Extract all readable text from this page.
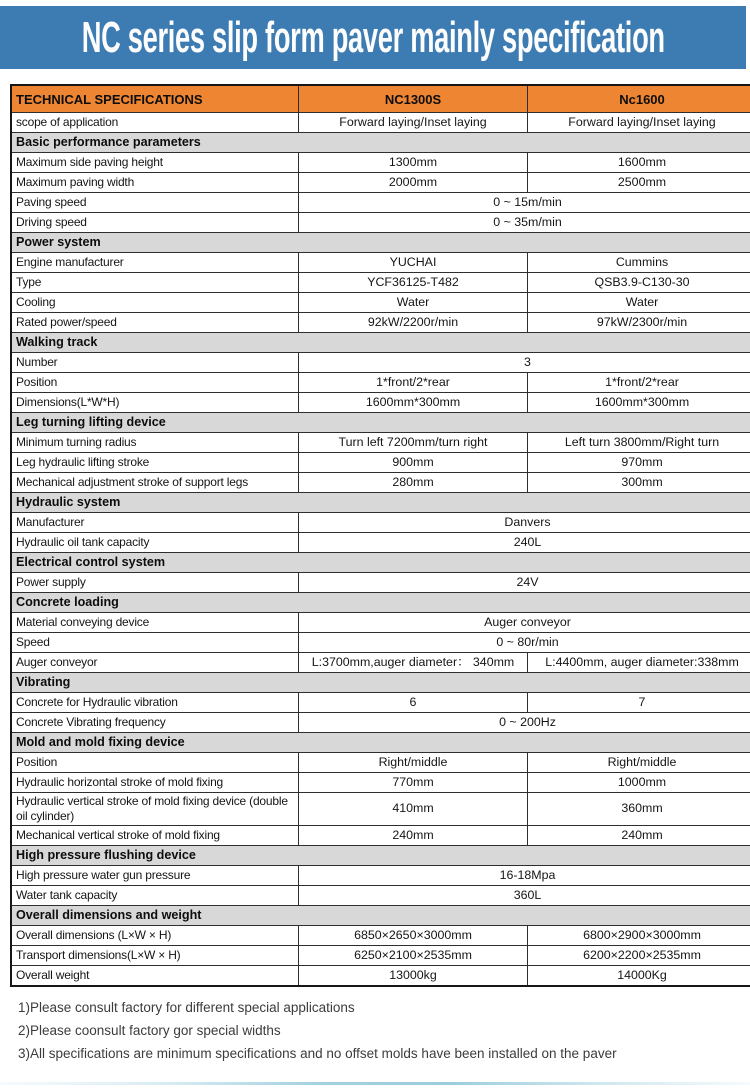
NC series slip form paver mainly specification
TECHNICAL SPECIFICATIONS	NC1300S	Nc1600
scope of application	Forward laying/Inset laying	Forward laying/Inset laying
Basic performance parameters		
Maximum side paving height	1300mm	1600mm
Maximum paving width	2000mm	2500mm
Paving speed	0 ~ 15m/min	
Driving speed	0 ~ 35m/min	
Power system		
Engine manufacturer	YUCHAI	Cummins
Type	YCF36125-T482	QSB3.9-C130-30
Cooling	Water	Water
Rated power/speed	92kW/2200r/min	97kW/2300r/min
Walking track		
Number	3	
Position	1*front/2*rear	1*front/2*rear
Dimensions(L*W*H)	1600mm*300mm	1600mm*300mm
Leg turning lifting device		
Minimum turning radius	Turn left 7200mm/turn right	Left turn 3800mm/Right turn
Leg hydraulic lifting stroke	900mm	970mm
Mechanical adjustment stroke of support legs	280mm	300mm
Hydraulic system		
Manufacturer	Danvers	
Hydraulic oil tank capacity	240L	
Electrical control system		
Power supply	24V	
Concrete loading		
Material conveying device	Auger conveyor	
Speed	0 ~ 80r/min	
Auger conveyor	L:3700mm,auger diameter： 340mm	L:4400mm, auger diameter:338mm
Vibrating		
Concrete for Hydraulic vibration	6	7
Concrete Vibrating frequency	0 ~ 200Hz	
Mold and mold fixing device		
Position	Right/middle	Right/middle
Hydraulic horizontal stroke of mold fixing	770mm	1000mm
Hydraulic vertical stroke of mold fixing device (double oil cylinder)	410mm	360mm
Mechanical vertical stroke of mold fixing	240mm	240mm
High pressure flushing device		
High pressure water gun pressure	16-18Mpa	
Water tank capacity	360L	
Overall dimensions and weight		
Overall dimensions (L×W × H)	6850×2650×3000mm	6800×2900×3000mm
Transport dimensions(L×W × H)	6250×2100×2535mm	6200×2200×2535mm
Overall weight	13000kg	14000Kg

1)Please consult factory for different special applications

2)Please coonsult factory gor special widths

3)All specifications are minimum specifications and no offset molds have been installed on the paver
